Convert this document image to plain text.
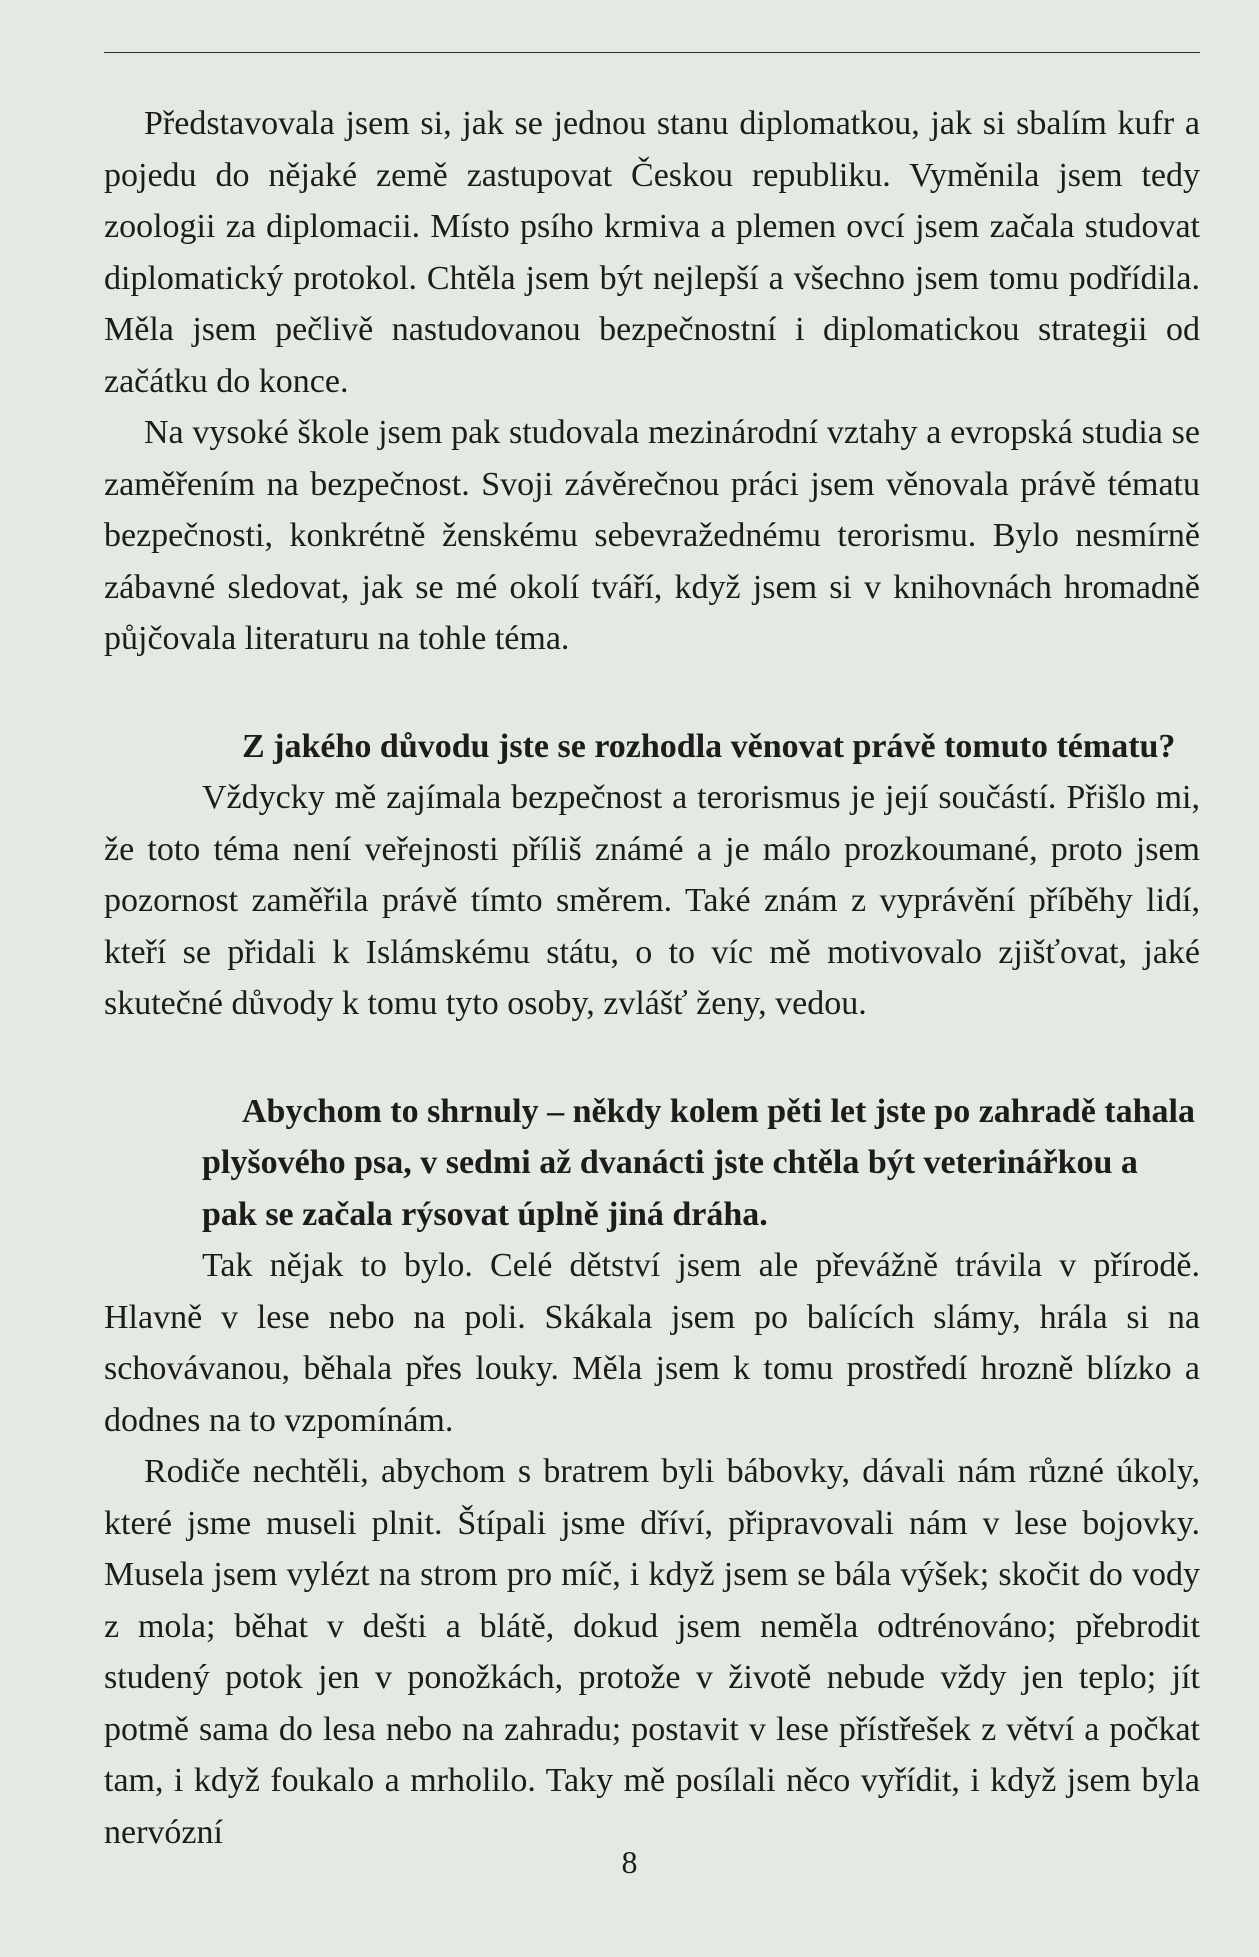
Představovala jsem si, jak se jednou stanu diplomatkou, jak si sbalím kufr a pojedu do nějaké země zastupovat Českou republiku. Vyměnila jsem tedy zoologii za diplomacii. Místo psího krmiva a plemen ovcí jsem začala studovat diplomatický protokol. Chtěla jsem být nejlepší a všechno jsem tomu podřídila. Měla jsem pečlivě nastudovanou bezpečnostní i diplomatickou strategii od začátku do konce.

Na vysoké škole jsem pak studovala mezinárodní vztahy a evropská studia se zaměřením na bezpečnost. Svoji závěrečnou práci jsem věnovala právě tématu bezpečnosti, konkrétně ženskému sebevražednému terorismu. Bylo nesmírně zábavné sledovat, jak se mé okolí tváří, když jsem si v knihovnách hromadně půjčovala literaturu na tohle téma.

Z jakého důvodu jste se rozhodla věnovat právě tomuto tématu?

Vždycky mě zajímala bezpečnost a terorismus je její součástí. Přišlo mi, že toto téma není veřejnosti příliš známé a je málo prozkoumané, proto jsem pozornost zaměřila právě tímto směrem. Také znám z vyprávění příběhy lidí, kteří se přidali k Islámskému státu, o to víc mě motivovalo zjišťovat, jaké skutečné důvody k tomu tyto osoby, zvlášť ženy, vedou.

Abychom to shrnuly – někdy kolem pěti let jste po zahradě tahala plyšového psa, v sedmi až dvanácti jste chtěla být veterinářkou a pak se začala rýsovat úplně jiná dráha.

Tak nějak to bylo. Celé dětství jsem ale převážně trávila v přírodě. Hlavně v lese nebo na poli. Skákala jsem po balících slámy, hrála si na schovávanou, běhala přes louky. Měla jsem k tomu prostředí hrozně blízko a dodnes na to vzpomínám.

Rodiče nechtěli, abychom s bratrem byli bábovky, dávali nám různé úkoly, které jsme museli plnit. Štípali jsme dříví, připravovali nám v lese bojovky. Musela jsem vylézt na strom pro míč, i když jsem se bála výšek; skočit do vody z mola; běhat v dešti a blátě, dokud jsem neměla odtrénováno; přebrodit studený potok jen v ponožkách, protože v životě nebude vždy jen teplo; jít potmě sama do lesa nebo na zahradu; postavit v lese přístřešek z větví a počkat tam, i když foukalo a mrholilo. Taky mě posílali něco vyřídit, i když jsem byla nervózní

8
